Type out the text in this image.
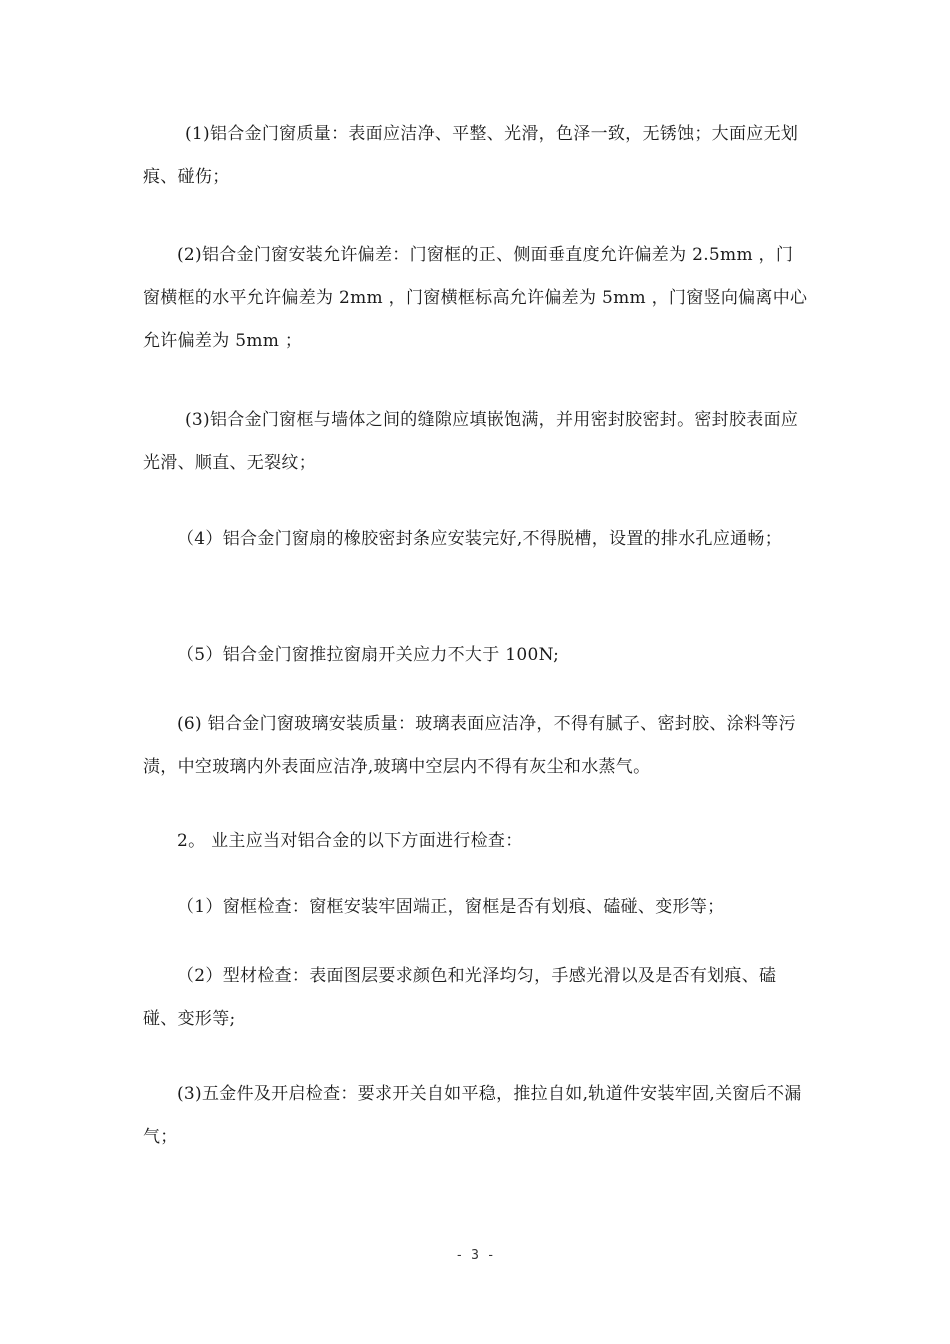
(1)铝合金门窗质量：表面应洁净、平整、光滑，色泽一致，无锈蚀；大面应无划痕、碰伤；

(2)铝合金门窗安装允许偏差：门窗框的正、侧面垂直度允许偏差为 2.5mm ，门窗横框的水平允许偏差为 2mm ，门窗横框标高允许偏差为 5mm ，门窗竖向偏离中心允许偏差为 5mm ；

(3)铝合金门窗框与墙体之间的缝隙应填嵌饱满，并用密封胶密封。密封胶表面应光滑、顺直、无裂纹；

（4）铝合金门窗扇的橡胶密封条应安装完好,不得脱槽，设置的排水孔应通畅；

（5）铝合金门窗推拉窗扇开关应力不大于 100N;

(6) 铝合金门窗玻璃安装质量：玻璃表面应洁净，不得有腻子、密封胶、涂料等污渍，中空玻璃内外表面应洁净,玻璃中空层内不得有灰尘和水蒸气。

2。 业主应当对铝合金的以下方面进行检查：

（1）窗框检查：窗框安装牢固端正，窗框是否有划痕、磕碰、变形等；

（2）型材检查：表面图层要求颜色和光泽均匀，手感光滑以及是否有划痕、磕碰、变形等;

(3)五金件及开启检查：要求开关自如平稳，推拉自如,轨道件安装牢固,关窗后不漏气；

- 3 -
